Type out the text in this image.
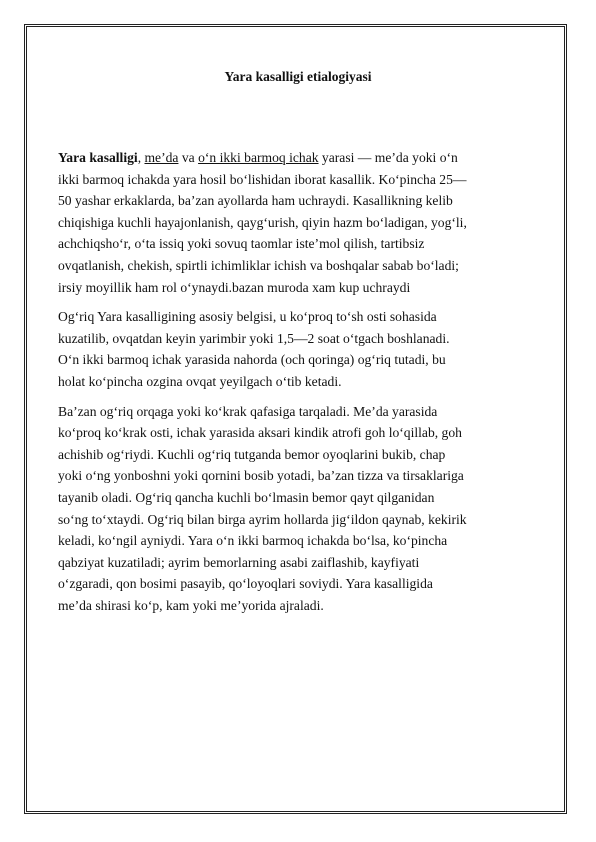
Yara kasalligi etialogiyasi

Yara kasalligi, me’da va o‘n ikki barmoq ichak yarasi — me’da yoki o‘n
ikki barmoq ichakda yara hosil bo‘lishidan iborat kasallik. Ko‘pincha 25—
50 yashar erkaklarda, ba’zan ayollarda ham uchraydi. Kasallikning kelib
chiqishiga kuchli hayajonlanish, qayg‘urish, qiyin hazm bo‘ladigan, yog‘li,
achchiqsho‘r, o‘ta issiq yoki sovuq taomlar iste’mol qilish, tartibsiz
ovqatlanish, chekish, spirtli ichimliklar ichish va boshqalar sabab bo‘ladi;
irsiy moyillik ham rol o‘ynaydi.bazan muroda xam kup uchraydi

Og‘riq Yara kasalligining asosiy belgisi, u ko‘proq to‘sh osti sohasida
kuzatilib, ovqatdan keyin yarimbir yoki 1,5—2 soat o‘tgach boshlanadi.
O‘n ikki barmoq ichak yarasida nahorda (och qoringa) og‘riq tutadi, bu
holat ko‘pincha ozgina ovqat yeyilgach o‘tib ketadi.

Ba’zan og‘riq orqaga yoki ko‘krak qafasiga tarqaladi. Me’da yarasida
ko‘proq ko‘krak osti, ichak yarasida aksari kindik atrofi goh lo‘qillab, goh
achishib og‘riydi. Kuchli og‘riq tutganda bemor oyoqlarini bukib, chap
yoki o‘ng yonboshni yoki qornini bosib yotadi, ba’zan tizza va tirsaklariga
tayanib oladi. Og‘riq qancha kuchli bo‘lmasin bemor qayt qilganidan
so‘ng to‘xtaydi. Og‘riq bilan birga ayrim hollarda jig‘ildon qaynab, kekirik
keladi, ko‘ngil ayniydi. Yara o‘n ikki barmoq ichakda bo‘lsa, ko‘pincha
qabziyat kuzatiladi; ayrim bemorlarning asabi zaiflashib, kayfiyati
o‘zgaradi, qon bosimi pasayib, qo‘loyoqlari soviydi. Yara kasalligida
me’da shirasi ko‘p, kam yoki me’yorida ajraladi.
